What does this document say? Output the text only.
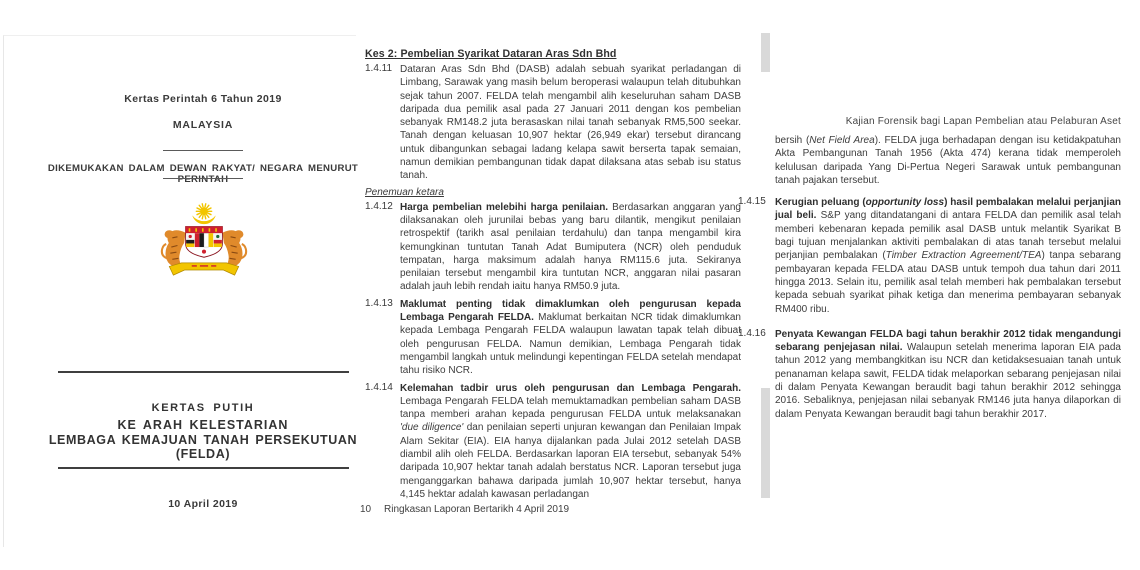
Kertas Perintah 6 Tahun 2019
MALAYSIA
DIKEMUKAKAN DALAM DEWAN RAKYAT/ NEGARA MENURUT PERINTAH
KERTAS PUTIH
KE ARAH KELESTARIAN
LEMBAGA KEMAJUAN TANAH PERSEKUTUAN (FELDA)
10 April 2019
Kes 2: Pembelian Syarikat Dataran Aras Sdn Bhd
1.4.11 Dataran Aras Sdn Bhd (DASB) adalah sebuah syarikat perladangan di Limbang, Sarawak yang masih belum beroperasi walaupun telah ditubuhkan sejak tahun 2007. FELDA telah mengambil alih keseluruhan saham DASB daripada dua pemilik asal pada 27 Januari 2011 dengan kos pembelian sebanyak RM148.2 juta berasaskan nilai tanah sebanyak RM5,500 seekar. Tanah dengan keluasan 10,907 hektar (26,949 ekar) tersebut dirancang untuk dibangunkan sebagai ladang kelapa sawit berserta tapak semaian, namun demikian pembangunan tidak dapat dilaksana atas sebab isu status tanah.
Penemuan ketara
1.4.12 Harga pembelian melebihi harga penilaian. Berdasarkan anggaran yang dilaksanakan oleh jurunilai bebas yang baru dilantik, mengikut penilaian retrospektif (tarikh asal penilaian terdahulu) dan tanpa mengambil kira kemungkinan tuntutan Tanah Adat Bumiputera (NCR) oleh penduduk tempatan, harga maksimum adalah hanya RM115.6 juta. Sekiranya penilaian tersebut mengambil kira tuntutan NCR, anggaran nilai pasaran adalah jauh lebih rendah iaitu hanya RM50.9 juta.
1.4.13 Maklumat penting tidak dimaklumkan oleh pengurusan kepada Lembaga Pengarah FELDA. Maklumat berkaitan NCR tidak dimaklumkan kepada Lembaga Pengarah FELDA walaupun lawatan tapak telah dibuat oleh pengurusan FELDA. Namun demikian, Lembaga Pengarah tidak mengambil langkah untuk melindungi kepentingan FELDA setelah mendapat tahu risiko NCR.
1.4.14 Kelemahan tadbir urus oleh pengurusan dan Lembaga Pengarah. Lembaga Pengarah FELDA telah memuktamadkan pembelian saham DASB tanpa memberi arahan kepada pengurusan FELDA untuk melaksanakan 'due diligence' dan penilaian seperti unjuran kewangan dan Penilaian Impak Alam Sekitar (EIA). EIA hanya dijalankan pada Julai 2012 setelah DASB diambil alih oleh FELDA. Berdasarkan laporan EIA tersebut, sebanyak 54% daripada 10,907 hektar tanah adalah berstatus NCR. Laporan tersebut juga menganggarkan bahawa daripada jumlah 10,907 hektar tersebut, hanya 4,145 hektar adalah kawasan perladangan
10 Ringkasan Laporan Bertarikh 4 April 2019
Kajian Forensik bagi Lapan Pembelian atau Pelaburan Aset
bersih (Net Field Area). FELDA juga berhadapan dengan isu ketidakpatuhan Akta Pembangunan Tanah 1956 (Akta 474) kerana tidak memperoleh kelulusan daripada Yang Di-Pertua Negeri Sarawak untuk pembangunan tanah pajakan tersebut.
1.4.15 Kerugian peluang (opportunity loss) hasil pembalakan melalui perjanjian jual beli. S&P yang ditandatangani di antara FELDA dan pemilik asal telah memberi kebenaran kepada pemilik asal DASB untuk melantik Syarikat B bagi tujuan menjalankan aktiviti pembalakan di atas tanah tersebut melalui perjanjian pembalakan (Timber Extraction Agreement/TEA) tanpa sebarang pembayaran kepada FELDA atau DASB untuk tempoh dua tahun dari 2011 hingga 2013. Selain itu, pemilik asal telah memberi hak pembalakan tersebut kepada sebuah syarikat pihak ketiga dan menerima pembayaran sebanyak RM400 ribu.
1.4.16 Penyata Kewangan FELDA bagi tahun berakhir 2012 tidak mengandungi sebarang penjejasan nilai. Walaupun setelah menerima laporan EIA pada tahun 2012 yang membangkitkan isu NCR dan ketidaksesuaian tanah untuk penanaman kelapa sawit, FELDA tidak melaporkan sebarang penjejasan nilai di dalam Penyata Kewangan beraudit bagi tahun berakhir 2012 sehingga 2016. Sebaliknya, penjejasan nilai sebanyak RM146 juta hanya dilaporkan di dalam Penyata Kewangan beraudit bagi tahun berakhir 2017.
